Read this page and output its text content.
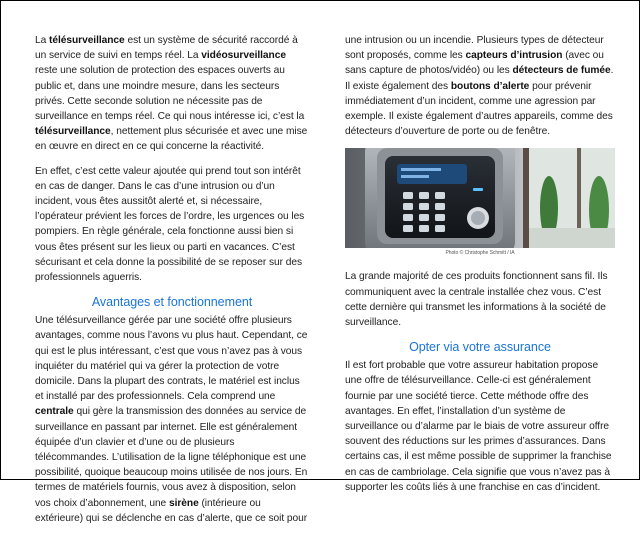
La télésurveillance est un système de sécurité raccordé à un service de suivi en temps réel. La vidéosurveillance reste une solution de protection des espaces ouverts au public et, dans une moindre mesure, dans les secteurs privés. Cette seconde solution ne nécessite pas de surveillance en temps réel. Ce qui nous intéresse ici, c’est la télésurveillance, nettement plus sécurisée et avec une mise en œuvre en direct en ce qui concerne la réactivité.

En effet, c’est cette valeur ajoutée qui prend tout son intérêt en cas de danger. Dans le cas d’une intrusion ou d’un incident, vous êtes aussitôt alerté et, si nécessaire, l’opérateur prévient les forces de l’ordre, les urgences ou les pompiers. En règle générale, cela fonctionne aussi bien si vous êtes présent sur les lieux ou parti en vacances. C’est sécurisant et cela donne la possibilité de se reposer sur des professionnels aguerris.

Avantages et fonctionnement

Une télésurveillance gérée par une société offre plusieurs avantages, comme nous l’avons vu plus haut. Cependant, ce qui est le plus intéressant, c’est que vous n’avez pas à vous inquiéter du matériel qui va gérer la protection de votre domicile. Dans la plupart des contrats, le matériel est inclus et installé par des professionnels. Cela comprend une centrale qui gère la transmission des données au service de surveillance en passant par internet. Elle est généralement équipée d’un clavier et d’une ou de plusieurs télécommandes. L’utilisation de la ligne téléphonique est une possibilité, quoique beaucoup moins utilisée de nos jours. En termes de matériels fournis, vous avez à disposition, selon vos choix d’abonnement, une sirène (intérieure ou extérieure) qui se déclenche en cas d’alerte, que ce soit pour

une intrusion ou un incendie. Plusieurs types de détecteur sont proposés, comme les capteurs d’intrusion (avec ou sans capture de photos/vidéo) ou les détecteurs de fumée. Il existe également des boutons d’alerte pour prévenir immédiatement d’un incident, comme une agression par exemple. Il existe également d’autres appareils, comme des détecteurs d’ouverture de porte ou de fenêtre.

Photo © Christophe Schmitt / IA

La grande majorité de ces produits fonctionnent sans fil. Ils communiquent avec la centrale installée chez vous. C’est cette dernière qui transmet les informations à la société de surveillance.

Opter via votre assurance

Il est fort probable que votre assureur habitation propose une offre de télésurveillance. Celle-ci est généralement fournie par une société tierce. Cette méthode offre des avantages. En effet, l’installation d’un système de surveillance ou d’alarme par le biais de votre assureur offre souvent des réductions sur les primes d’assurances. Dans certains cas, il est même possible de supprimer la franchise en cas de cambriolage. Cela signifie que vous n’avez pas à supporter les coûts liés à une franchise en cas d’incident.
